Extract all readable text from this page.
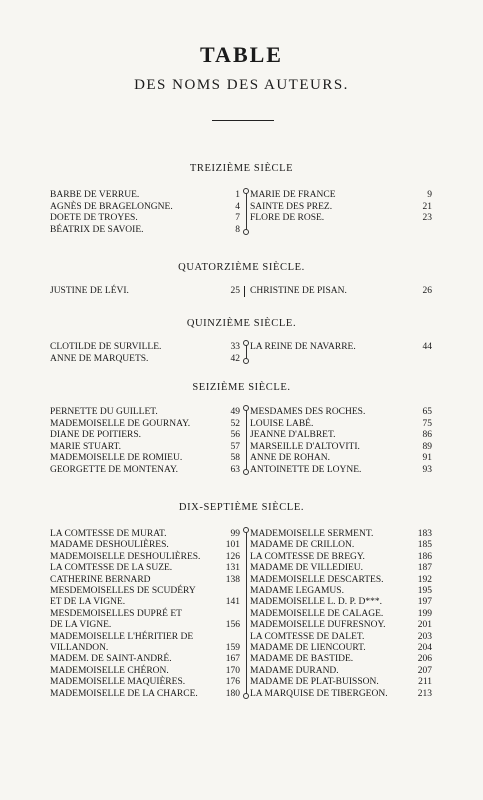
TABLE
DES NOMS DES AUTEURS.
TREIZIÈME SIÈCLE
BARBE DE VERRUE.	1
AGNÈS DE BRAGELONGNE.	4
DOETE DE TROYES.	7
BÉATRIX DE SAVOIE.	8
MARIE DE FRANCE	9
SAINTE DES PREZ.	21
FLORE DE ROSE.	23
QUATORZIÈME SIÈCLE.
JUSTINE DE LÉVI.	25 CHRISTINE DE PISAN.	26
QUINZIÈME SIÈCLE.
CLOTILDE DE SURVILLE.	33
ANNE DE MARQUETS.	42
LA REINE DE NAVARRE.	44
SEIZIÈME SIÈCLE.
PERNETTE DU GUILLET.	49
MADEMOISELLE DE GOURNAY.	52
DIANE DE POITIERS.	56
MARIE STUART.	57
MADEMOISELLE DE ROMIEU.	58
GEORGETTE DE MONTENAY.	63
MESDAMES DES ROCHES.	65
LOUISE LABÉ.	75
JEANNE D'ALBRET.	86
MARSEILLE D'ALTOVITI.	89
ANNE DE ROHAN.	91
ANTOINETTE DE LOYNE.	93
DIX-SEPTIÈME SIÈCLE.
LA COMTESSE DE MURAT.	99
MADAME DESHOULIÈRES.	101
MADEMOISELLE DESHOULIÈRES.	126
LA COMTESSE DE LA SUZE.	131
CATHERINE BERNARD	138
MESDEMOISELLES DE SCUDÉRY
ET DE LA VIGNE.	141
MESDEMOISELLES DUPRÉ ET
DE LA VIGNE.	156
MADEMOISELLE L'HÉRITIER DE
VILLANDON.	159
MADEM. DE SAINT-ANDRÉ.	167
MADEMOISELLE CHÉRON.	170
MADEMOISELLE MAQUIÈRES.	176
MADEMOISELLE DE LA CHARCE.	180
MADEMOISELLE SERMENT.	183
MADAME DE CRILLON.	185
LA COMTESSE DE BREGY.	186
MADAME DE VILLEDIEU.	187
MADEMOISELLE DESCARTES.	192
MADAME LEGAMUS.	195
MADEMOISELLE L. D. P. D***.	197
MADEMOISELLE DE CALAGE.	199
MADEMOISELLE DUFRESNOY.	201
LA COMTESSE DE DALET.	203
MADAME DE LIENCOURT.	204
MADAME DE BASTIDE.	206
MADAME DURAND.	207
MADAME DE PLAT-BUISSON.	211
LA MARQUISE DE TIBERGEON.	213
